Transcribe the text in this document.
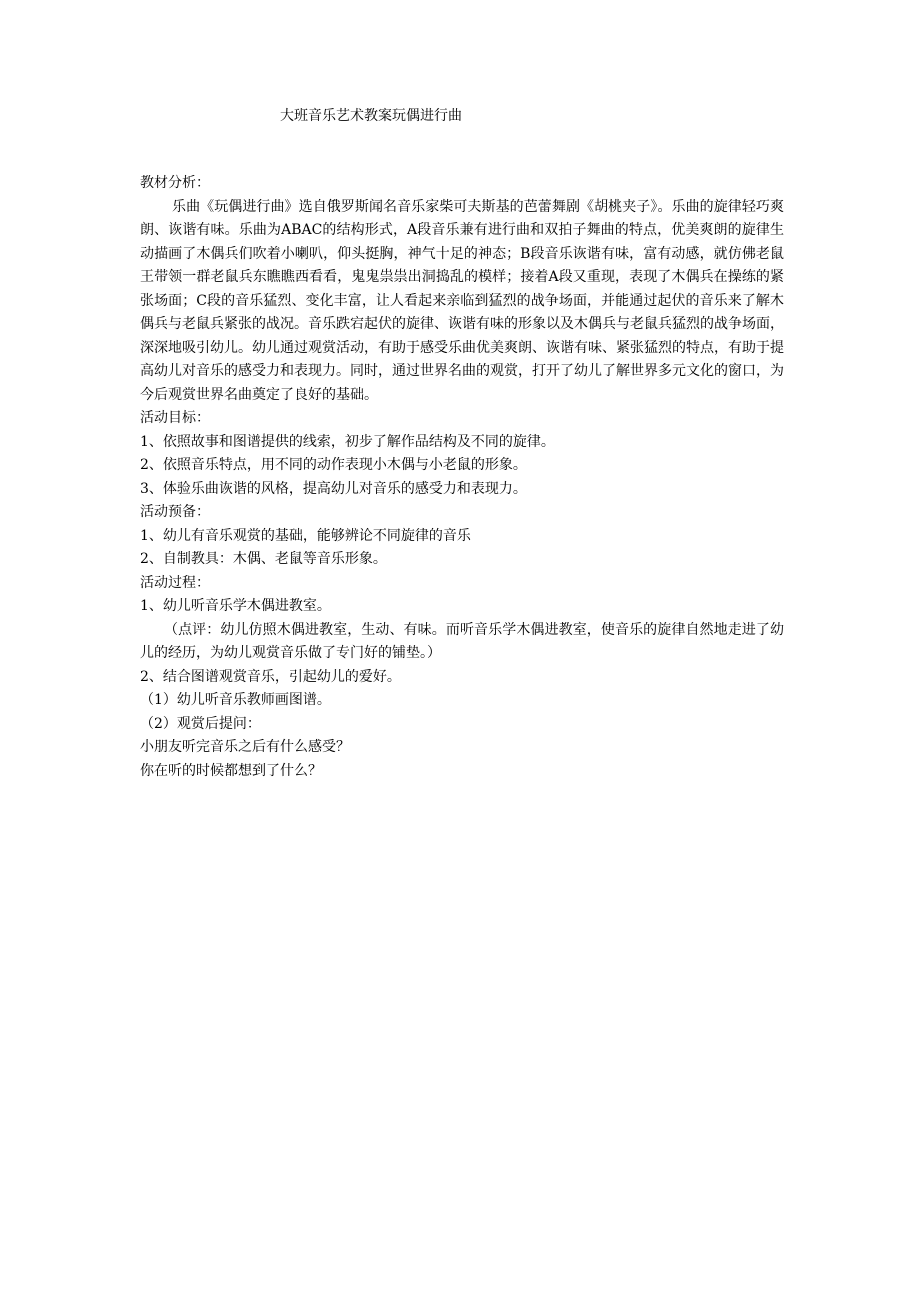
大班音乐艺术教案玩偶进行曲

教材分析：

乐曲《玩偶进行曲》选自俄罗斯闻名音乐家柴可夫斯基的芭蕾舞剧《胡桃夹子》。乐曲的旋律轻巧爽朗、诙谐有味。乐曲为ABAC的结构形式，A段音乐兼有进行曲和双拍子舞曲的特点，优美爽朗的旋律生动描画了木偶兵们吹着小喇叭，仰头挺胸，神气十足的神态；B段音乐诙谐有味，富有动感，就仿佛老鼠王带领一群老鼠兵东瞧瞧西看看，鬼鬼祟祟出洞捣乱的模样；接着A段又重现，表现了木偶兵在操练的紧张场面；C段的音乐猛烈、变化丰富，让人看起来亲临到猛烈的战争场面，并能通过起伏的音乐来了解木偶兵与老鼠兵紧张的战况。音乐跌宕起伏的旋律、诙谐有味的形象以及木偶兵与老鼠兵猛烈的战争场面，深深地吸引幼儿。幼儿通过观赏活动，有助于感受乐曲优美爽朗、诙谐有味、紧张猛烈的特点，有助于提高幼儿对音乐的感受力和表现力。同时，通过世界名曲的观赏，打开了幼儿了解世界多元文化的窗口，为今后观赏世界名曲奠定了良好的基础。

活动目标：

1、依照故事和图谱提供的线索，初步了解作品结构及不同的旋律。

2、依照音乐特点，用不同的动作表现小木偶与小老鼠的形象。

3、体验乐曲诙谐的风格，提高幼儿对音乐的感受力和表现力。

活动预备：

1、幼儿有音乐观赏的基础，能够辨论不同旋律的音乐

2、自制教具：木偶、老鼠等音乐形象。

活动过程：

1、幼儿听音乐学木偶进教室。

（点评：幼儿仿照木偶进教室，生动、有味。而听音乐学木偶进教室，使音乐的旋律自然地走进了幼儿的经历，为幼儿观赏音乐做了专门好的铺垫。）

2、结合图谱观赏音乐，引起幼儿的爱好。

（1）幼儿听音乐教师画图谱。

（2）观赏后提问：

小朋友听完音乐之后有什么感受？

你在听的时候都想到了什么？
